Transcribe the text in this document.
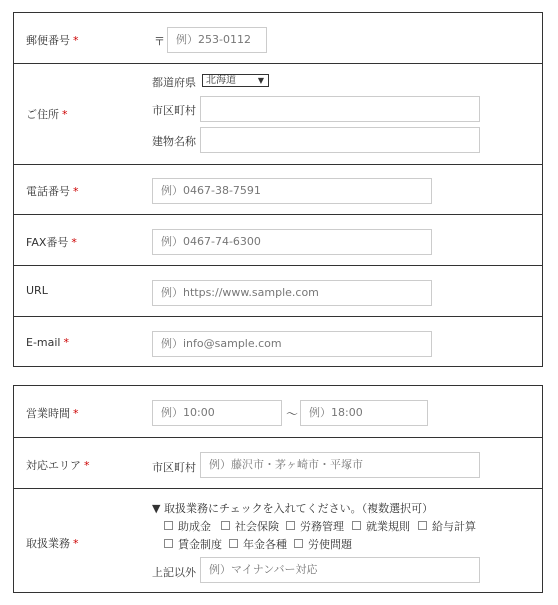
郵便番号 *	〒	例）253-0112
ご住所 *
都道府県	北海道	▼
市区町村
建物名称
電話番号 *	例）0467-38-7591
FAX番号 *	例）0467-74-6300
URL	例）https://www.sample.com
E-mail *	例）info@sample.com
営業時間 *	例）10:00	～ 例）18:00
対応エリア *	市区町村	例）藤沢市・茅ヶ崎市・平塚市
取扱業務 *
▼ 取扱業務にチェックを入れてください。（複数選択可）
助成金	社会保険	労務管理	就業規則	給与計算
賃金制度	年金各種	労使問題
上記以外	例）マイナンバー対応
